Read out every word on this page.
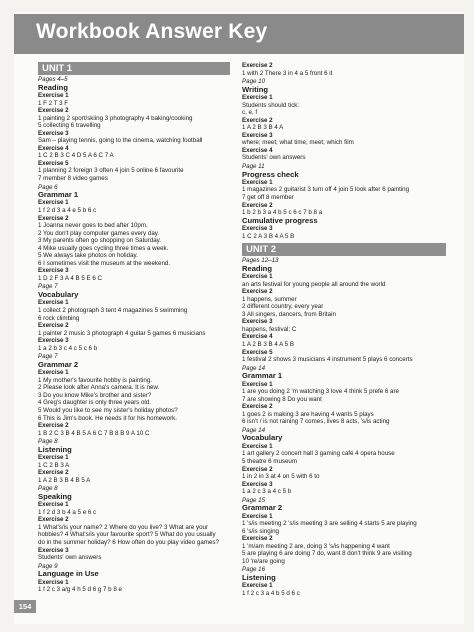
Workbook Answer Key
UNIT 1
Pages 4–5
Reading
Exercise 1
1 F 2 T 3 F
Exercise 2
1 painting 2 sport/skiing 3 photography 4 baking/cooking
5 collecting 6 travelling
Exercise 3
Sam – playing tennis, going to the cinema, watching football
Exercise 4
1 C 2 B 3 C 4 D 5 A 6 C 7 A
Exercise 5
1 planning 2 foreign 3 often 4 join 5 online 6 favourite
7 member 8 video games
Page 6
Grammar 1
Exercise 1
1 f 2 d 3 a 4 e 5 b 6 c
Exercise 2
1 Joanna never goes to bed after 10pm.
2 You don't play computer games every day.
3 My parents often go shopping on Saturday.
4 Mike usually goes cycling three times a week.
5 We always take photos on holiday.
6 I sometimes visit the museum at the weekend.
Exercise 3
1 D 2 F 3 A 4 B 5 E 6 C
Page 7
Vocabulary
Exercise 1
1 collect 2 photograph 3 tent 4 magazines 5 swimming
6 rock climbing
Exercise 2
1 painter 2 music 3 photograph 4 guitar 5 games 6 musicians
Exercise 3
1 a 2 b 3 c 4 c 5 c 6 b
Page 7
Grammar 2
Exercise 1
1 My mother's favourite hobby is painting.
2 Please look after Anna's camera. It is new.
3 Do you know Mike's brother and sister?
4 Greg's daughter is only three years old.
5 Would you like to see my sister's holiday photos?
6 This is Jim's book. He needs it for his homework.
Exercise 2
1 B 2 C 3 B 4 B 5 A 6 C 7 B 8 B 9 A 10 C
Page 8
Listening
Exercise 1
1 C 2 B 3 A
Exercise 2
1 A 2 B 3 B 4 B 5 A
Page 8
Speaking
Exercise 1
1 f 2 d 3 b 4 a 5 e 6 c
Exercise 2
1 What's/is your name? 2 Where do you live? 3 What are your
hobbies? 4 What's/is your favourite sport? 5 What do you usually
do in the summer holiday? 6 How often do you play video games?
Exercise 3
Students' own answers
Page 9
Language in Use
Exercise 1
1 f 2 c 3 a/g 4 h 5 d 6 g 7 b 8 e
Exercise 2
1 with 2 There 3 in 4 a 5 front 6 it
Page 10
Writing
Exercise 1
Students should tick:
c, e, f
Exercise 2
1 A 2 B 3 B 4 A
Exercise 3
where; meet; what time, meet; which film
Exercise 4
Students' own answers
Page 11
Progress check
Exercise 1
1 magazines 2 guitarist 3 turn off 4 join 5 look after 6 painting
7 get off 8 member
Exercise 2
1 b 2 b 3 a 4 b 5 c 6 c 7 b 8 a
Cumulative progress
Exercise 3
1 C 2 A 3 B 4 A 5 B
UNIT 2
Pages 12–13
Reading
Exercise 1
an arts festival for young people all around the world
Exercise 2
1 happens, summer
2 different country, every year
3 All singers, dancers, from Britain
Exercise 3
happens, festival; C
Exercise 4
1 A 2 B 3 B 4 A 5 B
Exercise 5
1 festival 2 shows 3 musicians 4 instrument 5 plays 6 concerts
Page 14
Grammar 1
Exercise 1
1 are you doing 2 'm watching 3 love 4 think 5 prefe 6 are
7 are showing 8 Do you want
Exercise 2
1 goes 2 is making 3 are having 4 wants 5 plays
6 isn't / is not raining 7 comes, lives 8 acts, 's/is acting
Page 14
Vocabulary
Exercise 1
1 art gallery 2 concert hall 3 gaming café 4 opera house
5 theatre 6 museum
Exercise 2
1 in 2 in 3 at 4 on 5 with 6 to
Exercise 3
1 a 2 c 3 a 4 c 5 b
Page 15
Grammar 2
Exercise 1
1 's/is meeting 2 's/is meeting 3 are selling 4 starts 5 are playing
6 's/is singing
Exercise 2
1 'm/am meeting 2 are, doing 3 's/is happening 4 want
5 are playing 6 are doing 7 do, want 8 don't think 9 are visiting
10 're/are going
Page 16
Listening
Exercise 1
1 f 2 c 3 a 4 b 5 d 6 c
154
